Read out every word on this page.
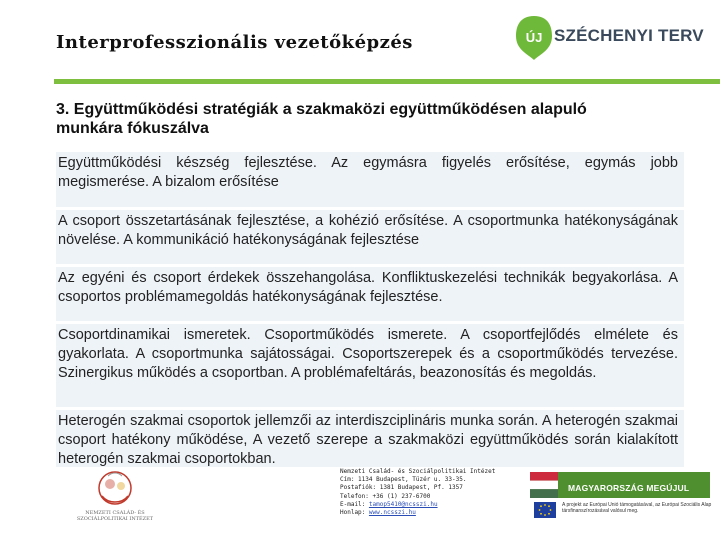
Interprofesszionális vezetőképzés	ÚJ SZÉCHENYI TERV
3. Együttműködési stratégiák a szakmaközi együttműködésen alapuló munkára fókuszálva
Együttműködési készség fejlesztése. Az egymásra figyelés erősítése, egymás jobb megismerése. A bizalom erősítése
A csoport összetartásának fejlesztése, a kohézió erősítése. A csoportmunka hatékonyságának növelése. A kommunikáció hatékonyságának fejlesztése
Az egyéni és csoport érdekek összehangolása. Konfliktuskezelési technikák begyakorlása. A csoportos problémamegoldás hatékonyságának fejlesztése.
Csoportdinamikai ismeretek. Csoportműködés ismerete. A csoportfejlődés elmélete és gyakorlata. A csoportmunka sajátosságai. Csoportszerepek és a csoportműködés tervezése. Szinergikus működés a csoportban. A problémafeltárás, beazonosítás és megoldás.
Heterogén szakmai csoportok jellemzői az interdiszciplináris munka során. A heterogén szakmai csoport hatékony működése, A vezető szerepe a szakmaközi együttműködés során kialakított heterogén szakmai csoportokban.
NEMZETI CSALÁD- ÉS SZOCIÁLPOLITIKAI INTÉZET
Nemzeti Család- és Szociálpolitikai Intézet
Cím: 1134 Budapest, Tüzér u. 33-35.
Postafiók: 1381 Budapest, Pf. 1357
Telefon: +36 (1) 237-6700
E-mail: tamop5410@ncsszi.hu
Honlap: www.ncsszi.hu
MAGYARORSZÁG MEGÚJUL
A projekt az Európai Unió támogatásával, az Európai Szociális Alap társfinanszírozásával valósul meg.
